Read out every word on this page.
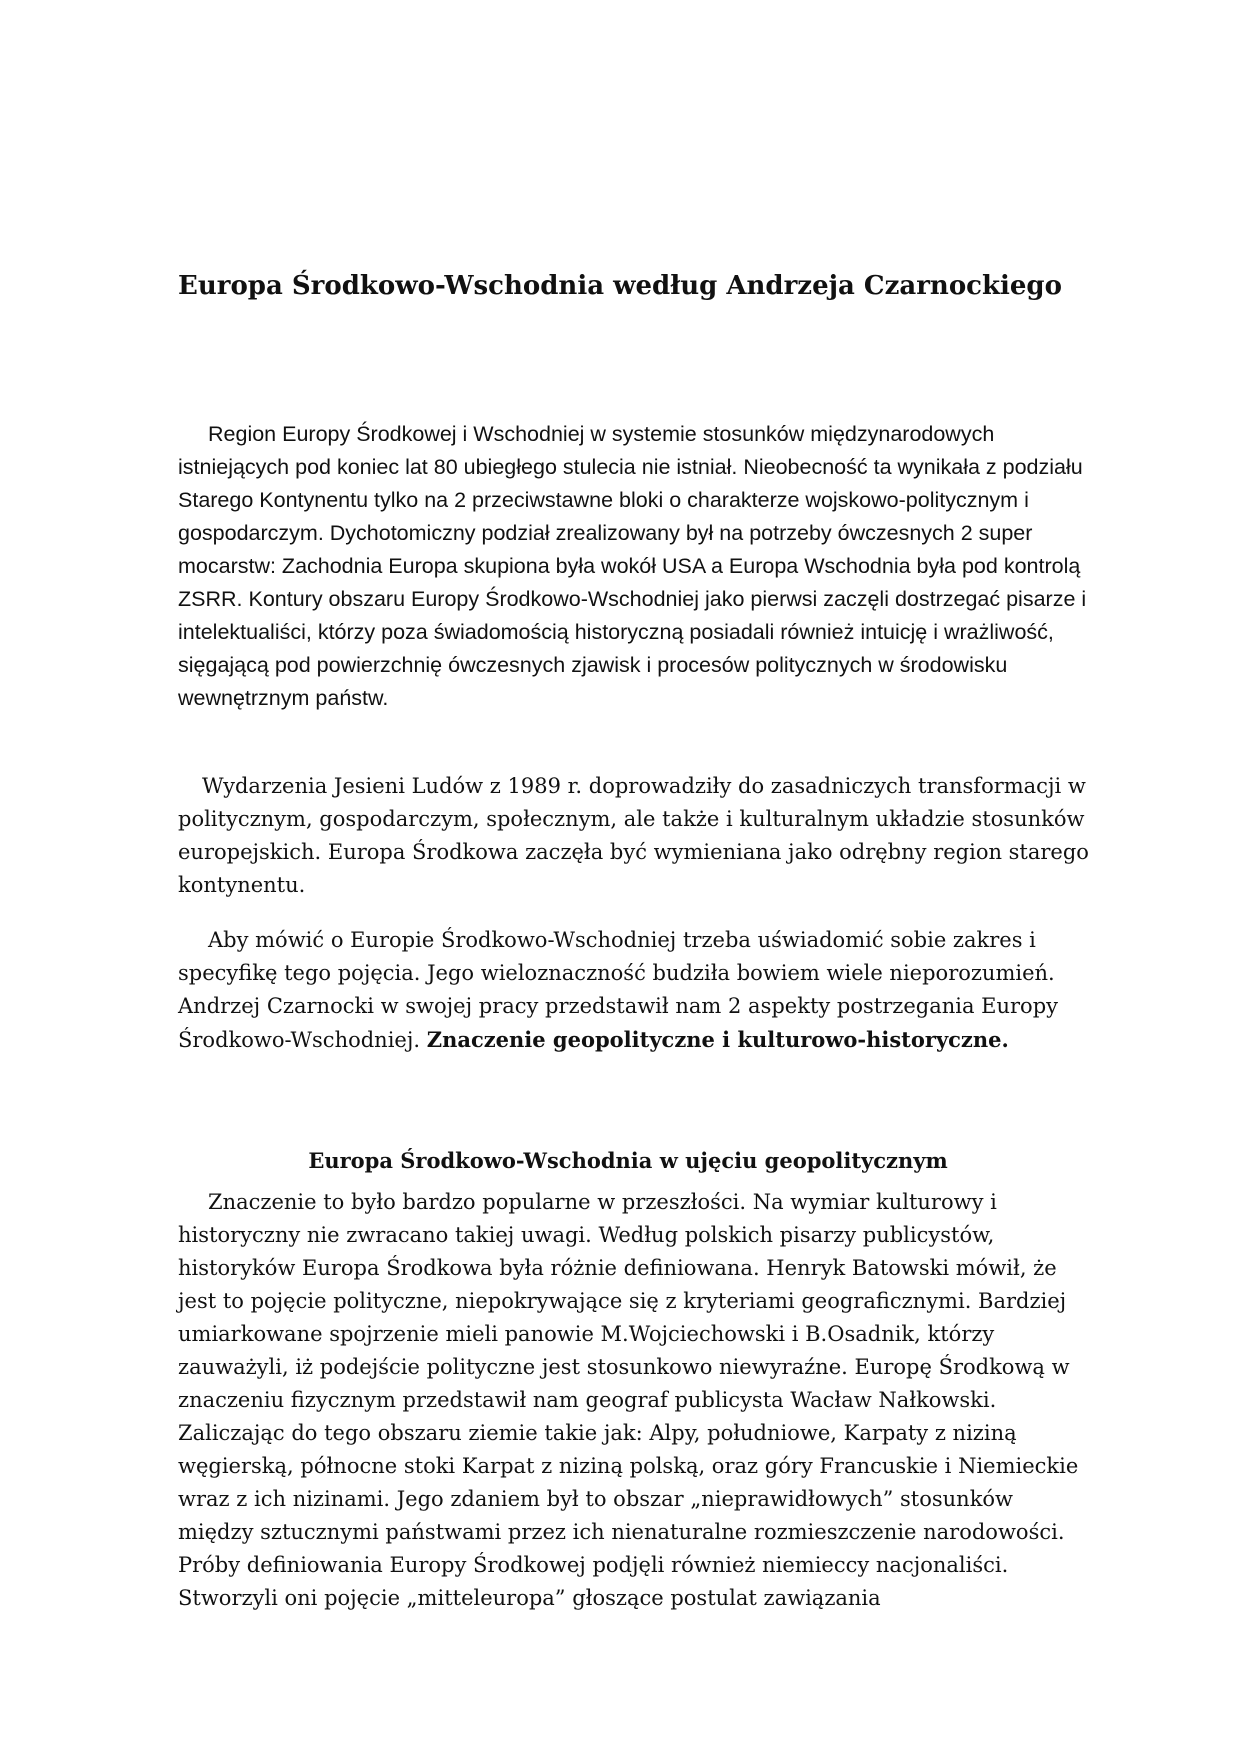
Europa Środkowo-Wschodnia według Andrzeja Czarnockiego

Region Europy Środkowej i Wschodniej w systemie stosunków międzynarodowych istniejących pod koniec lat 80 ubiegłego stulecia nie istniał. Nieobecność ta wynikała z podziału Starego Kontynentu tylko na 2 przeciwstawne bloki o charakterze wojskowo-politycznym i gospodarczym. Dychotomiczny podział zrealizowany był na potrzeby ówczesnych 2 super mocarstw: Zachodnia Europa skupiona była wokół USA a Europa Wschodnia była pod kontrolą ZSRR. Kontury obszaru Europy Środkowo-Wschodniej jako pierwsi zaczęli dostrzegać pisarze i intelektualiści, którzy poza świadomością historyczną posiadali również intuicję i wrażliwość, sięgającą pod powierzchnię ówczesnych zjawisk i procesów politycznych w środowisku wewnętrznym państw.

Wydarzenia Jesieni Ludów z 1989 r. doprowadziły do zasadniczych transformacji w politycznym, gospodarczym, społecznym, ale także i kulturalnym układzie stosunków europejskich. Europa Środkowa zaczęła być wymieniana jako odrębny region starego kontynentu.

Aby mówić o Europie Środkowo-Wschodniej trzeba uświadomić sobie zakres i specyfikę tego pojęcia. Jego wieloznaczność budziła bowiem wiele nieporozumień. Andrzej Czarnocki w swojej pracy przedstawił nam 2 aspekty postrzegania Europy Środkowo-Wschodniej. Znaczenie geopolityczne i kulturowo-historyczne.

Europa Środkowo-Wschodnia w ujęciu geopolitycznym

Znaczenie to było bardzo popularne w przeszłości. Na wymiar kulturowy i historyczny nie zwracano takiej uwagi. Według polskich pisarzy publicystów, historyków Europa Środkowa była różnie definiowana. Henryk Batowski mówił, że jest to pojęcie polityczne, niepokrywające się z kryteriami geograficznymi. Bardziej umiarkowane spojrzenie mieli panowie M.Wojciechowski i B.Osadnik, którzy zauważyli, iż podejście polityczne jest stosunkowo niewyraźne. Europę Środkową w znaczeniu fizycznym przedstawił nam geograf publicysta Wacław Nałkowski. Zaliczając do tego obszaru ziemie takie jak: Alpy, południowe, Karpaty z niziną węgierską, północne stoki Karpat z niziną polską, oraz góry Francuskie i Niemieckie wraz z ich nizinami. Jego zdaniem był to obszar „nieprawidłowych” stosunków między sztucznymi państwami przez ich nienaturalne rozmieszczenie narodowości. Próby definiowania Europy Środkowej podjęli również niemieccy nacjonaliści. Stworzyli oni pojęcie „mitteleuropa” głoszące postulat zawiązania
